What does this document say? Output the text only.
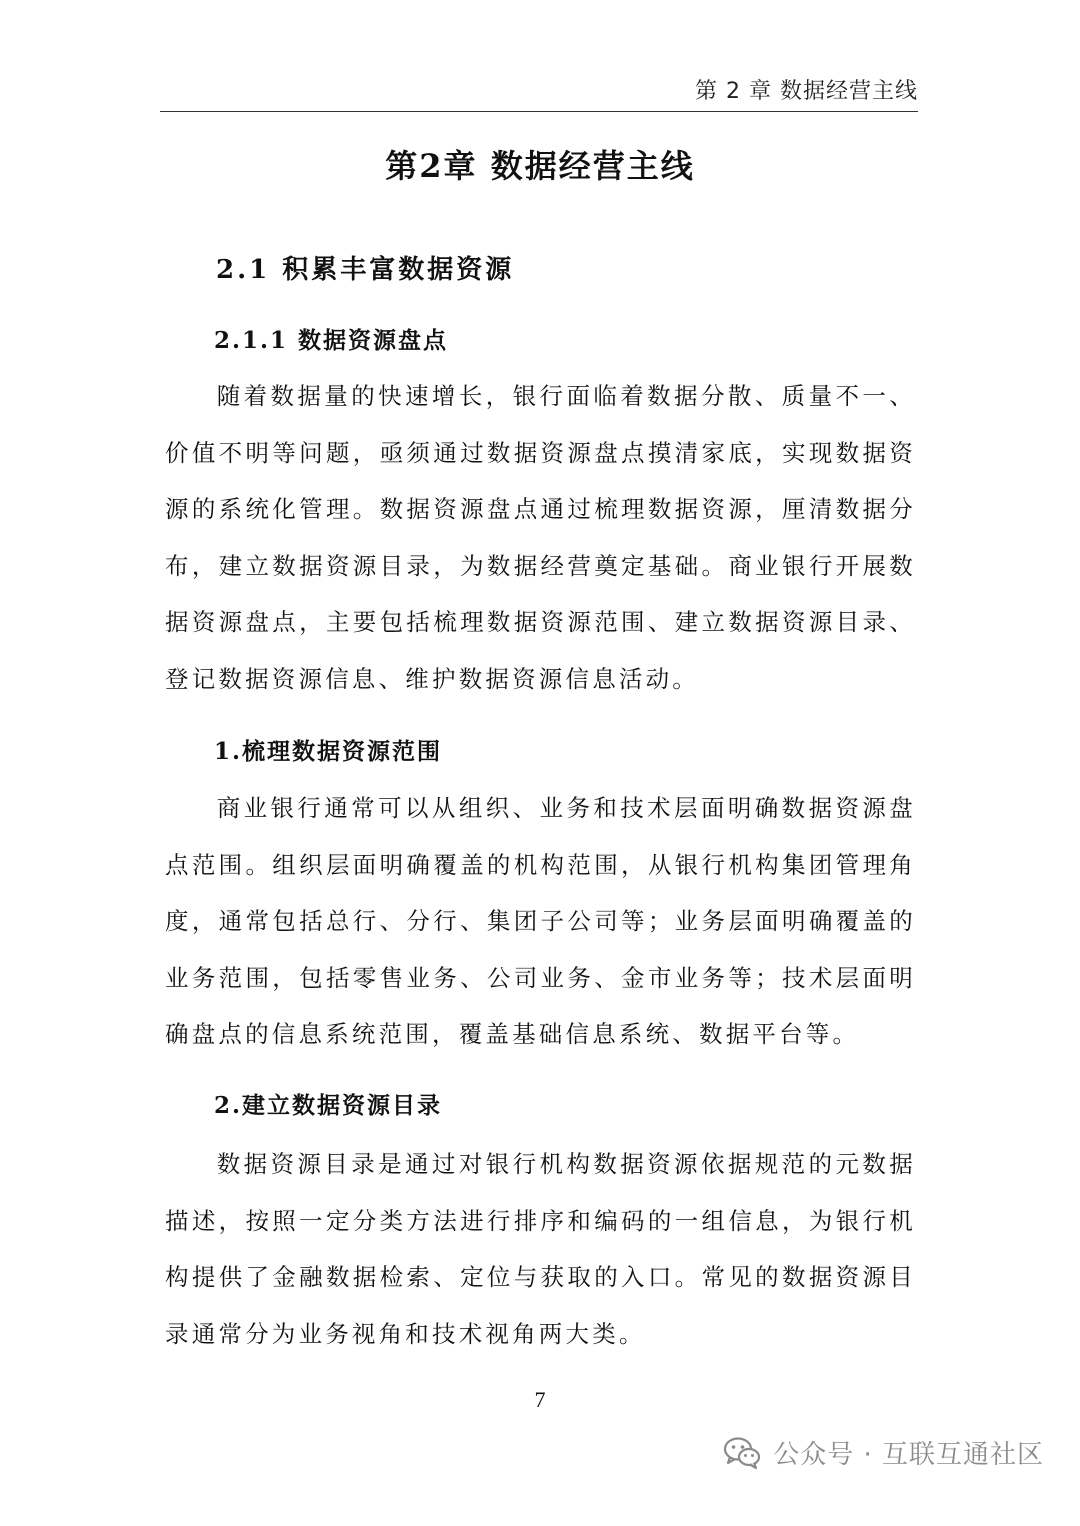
第 2 章 数据经营主线
第2章 数据经营主线
2.1 积累丰富数据资源
2.1.1 数据资源盘点
随着数据量的快速增长，银行面临着数据分散、质量不一、价值不明等问题，亟须通过数据资源盘点摸清家底，实现数据资源的系统化管理。数据资源盘点通过梳理数据资源，厘清数据分布，建立数据资源目录，为数据经营奠定基础。商业银行开展数据资源盘点，主要包括梳理数据资源范围、建立数据资源目录、登记数据资源信息、维护数据资源信息活动。
1.梳理数据资源范围
商业银行通常可以从组织、业务和技术层面明确数据资源盘点范围。组织层面明确覆盖的机构范围，从银行机构集团管理角度，通常包括总行、分行、集团子公司等；业务层面明确覆盖的业务范围，包括零售业务、公司业务、金市业务等；技术层面明确盘点的信息系统范围，覆盖基础信息系统、数据平台等。
2.建立数据资源目录
数据资源目录是通过对银行机构数据资源依据规范的元数据描述，按照一定分类方法进行排序和编码的一组信息，为银行机构提供了金融数据检索、定位与获取的入口。常见的数据资源目录通常分为业务视角和技术视角两大类。
7
公众号 · 互联互通社区
